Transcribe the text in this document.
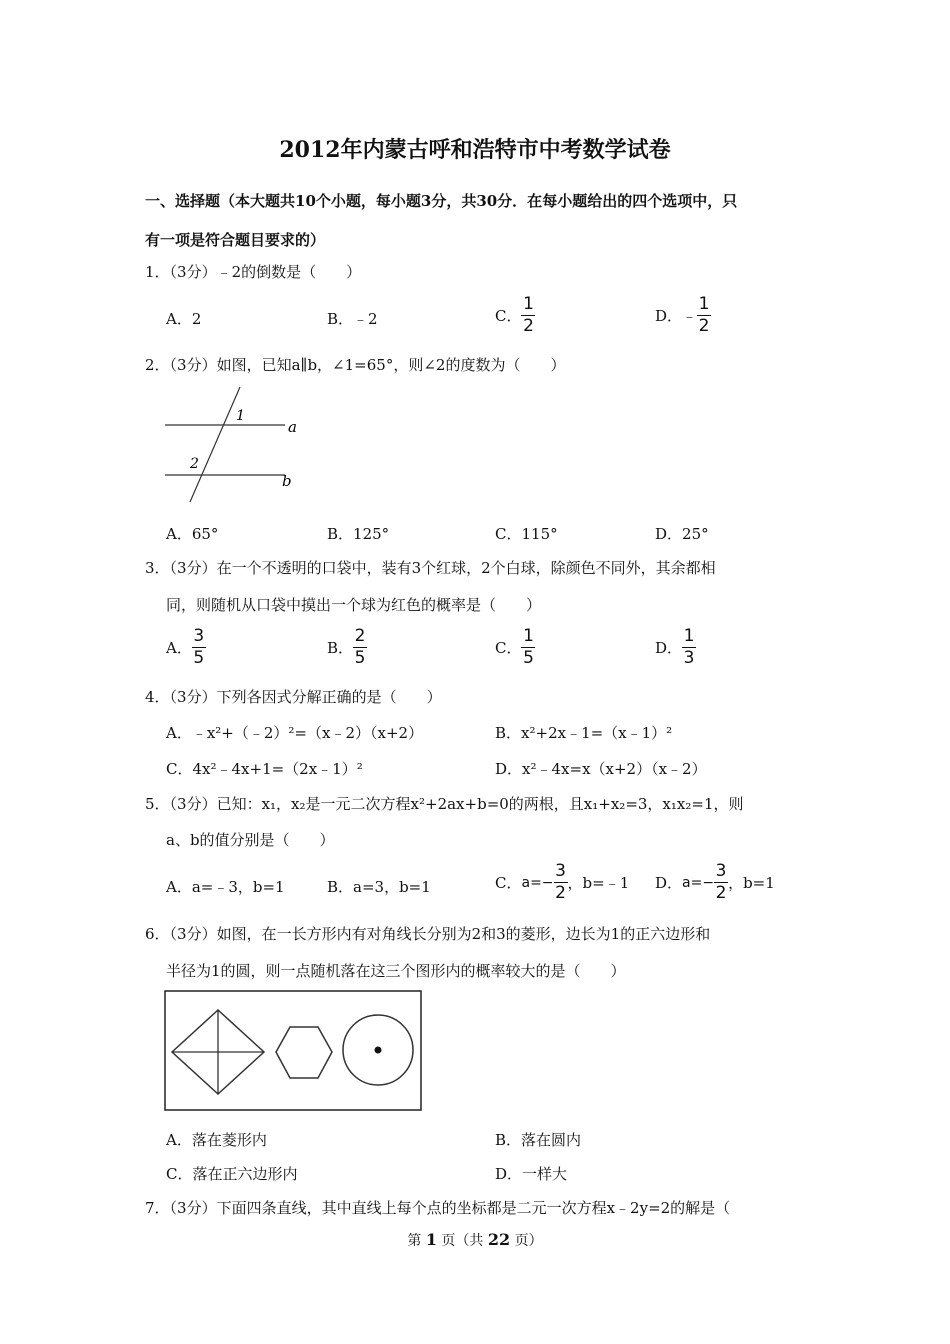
2012年内蒙古呼和浩特市中考数学试卷
一、选择题（本大题共10个小题，每小题3分，共30分．在每小题给出的四个选项中，只
有一项是符合题目要求的）
1．（3分）﹣2的倒数是（　　）
A．2	B．﹣2	C． $\frac{1}{2}$	D．﹣ $\frac{1}{2}$
2．（3分）如图，已知a∥b，∠1=65°，则∠2的度数为（　　）
1
2
a
b
A．65°	B．125°	C．115°	D．25°
3．（3分）在一个不透明的口袋中，装有3个红球，2个白球，除颜色不同外，其余都相
同，则随机从口袋中摸出一个球为红色的概率是（　　）
A． $\frac{3}{5}$	B． $\frac{2}{5}$	C． $\frac{1}{5}$	D． $\frac{1}{3}$
4．（3分）下列各因式分解正确的是（　　）
A．﹣x²+（﹣2）²=（x﹣2）（x+2）	B．x²+2x﹣1=（x﹣1）²
C．4x²﹣4x+1=（2x﹣1）²	D．x²﹣4x=x（x+2）（x﹣2）
5．（3分）已知：x₁，x₂是一元二次方程x²+2ax+b=0的两根，且x₁+x₂=3，x₁x₂=1，则
a、b的值分别是（　　）
A．a=﹣3，b=1	B．a=3，b=1	C． $a=- \frac{3}{2}$ ，b=﹣1 D． $a=- \frac{3}{2}$ ，b=1
6．（3分）如图，在一长方形内有对角线长分别为2和3的菱形，边长为1的正六边形和
半径为1的圆，则一点随机落在这三个图形内的概率较大的是（　　）
A．落在菱形内	B．落在圆内
C．落在正六边形内	D．一样大
7．（3分）下面四条直线，其中直线上每个点的坐标都是二元一次方程x﹣2y=2的解是（
第 1 页（共 22 页）
